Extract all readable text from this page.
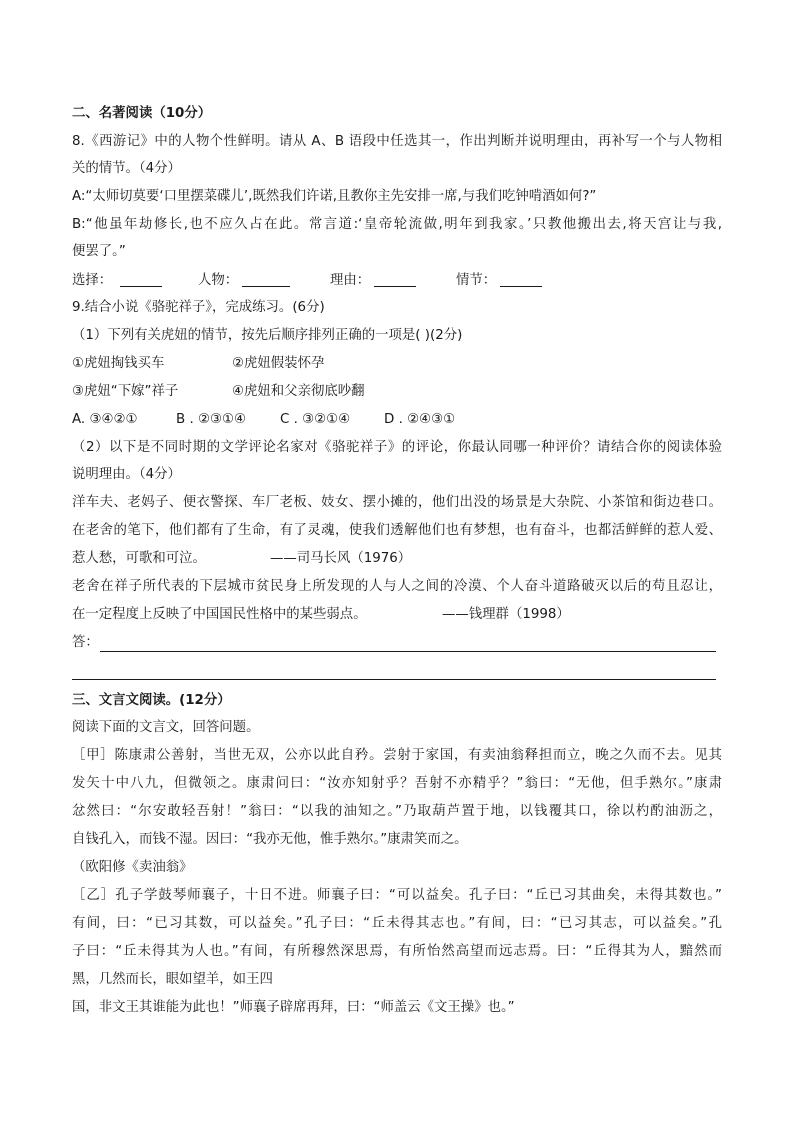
二、名著阅读（10分）
8.《西游记》中的人物个性鲜明。请从 A、B 语段中任选其一，作出判断并说明理由，再补写一个与人物相
关的情节。（4分）
A:“太师切莫要‘口里摆菜碟儿’,既然我们许诺,且教你主先安排一席,与我们吃钟啃酒如何?”
B:“他虽年劫修长,也不应久占在此。常言道:‘皇帝轮流做,明年到我家。’只教他搬出去,将天宫让与我,
便罢了。”
选择：	人物：	理由：	情节：
9.结合小说《骆驼祥子》，完成练习。(6分)
（1）下列有关虎妞的情节，按先后顺序排列正确的一项是( )(2分)
①虎妞掏钱买车	②虎妞假装怀孕
③虎妞“下嫁”祥子	④虎妞和父亲彻底吵翻
A. ③④②①	B . ②③①④	C . ③②①④	D . ②④③①
（2）以下是不同时期的文学评论名家对《骆驼祥子》的评论，你最认同哪一种评价？请结合你的阅读体验
说明理由。（4分）
洋车夫、老妈子、便衣警探、车厂老板、妓女、摆小摊的，他们出没的场景是大杂院、小茶馆和街边巷口。
在老舍的笔下，他们都有了生命，有了灵魂，使我们透解他们也有梦想，也有奋斗，也都活鲜鲜的惹人爱、
惹人愁，可歌和可泣。	——司马长风（1976）
老舍在祥子所代表的下层城市贫民身上所发现的人与人之间的冷漠、个人奋斗道路破灭以后的苟且忍让，
在一定程度上反映了中国国民性格中的某些弱点。	——钱理群（1998）
答：
三、文言文阅读。(12分）
阅读下面的文言文，回答问题。
［甲］陈康肃公善射，当世无双，公亦以此自矜。尝射于家国，有卖油翁释担而立，晚之久而不去。见其
发矢十中八九，但微领之。康肃问曰：“汝亦知射乎？吾射不亦精乎？”翁曰：“无他，但手熟尔。”康肃
忿然曰：“尔安敢轻吾射！”翁曰：“以我的油知之。”乃取葫芦置于地，以钱覆其口，徐以杓酌油沥之，
自钱孔入，而钱不湿。因曰：“我亦无他，惟手熟尔。”康肃笑而之。
（欧阳修《卖油翁》
［乙］孔子学鼓琴师襄子，十日不进。师襄子曰：“可以益矣。孔子曰：“丘已习其曲矣，未得其数也。”
有间，曰：“已习其数，可以益矣。”孔子曰：“丘未得其志也。”有间，曰：“已习其志，可以益矣。”孔
子曰：“丘未得其为人也。”有间，有所穆然深思焉，有所怡然高望而远志焉。曰：“丘得其为人，黯然而
黑，几然而长，眼如望羊，如王四
国，非文王其谁能为此也！”师襄子辟席再拜，曰：“师盖云《文王操》也。”
